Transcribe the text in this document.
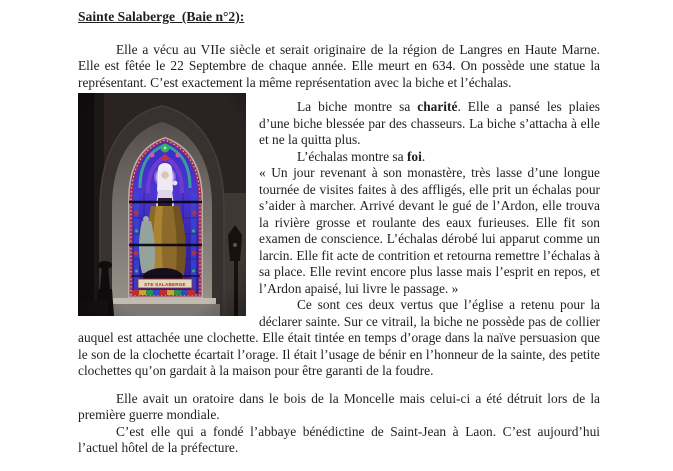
Sainte Salaberge  (Baie n°2):

Elle a vécu au VIIe siècle et serait originaire de la région de Langres en Haute Marne. Elle est fêtée le 22 Septembre de chaque année. Elle meurt en 634. On possède une statue la représentant. C’est exactement la même représentation avec la biche et l’échalas.

La biche montre sa charité. Elle a pansé les plaies d’une biche blessée par des chasseurs. La biche s’attacha à elle et ne la quitta plus.

L’échalas montre sa foi.

« Un jour revenant à son monastère, très lasse d’une longue tournée de visites faites à des affligés, elle prit un échalas pour s’aider à marcher. Arrivé devant le gué de l’Ardon, elle trouva la rivière grosse et roulante des eaux furieuses. Elle fit son examen de conscience. L’échalas dérobé lui apparut comme un larcin. Elle fit acte de contrition et retourna remettre l’échalas à sa place. Elle revint encore plus lasse mais l’esprit en repos, et l’Ardon apaisé, lui livre le passage. »

Ce sont ces deux vertus que l’église a retenu pour la déclarer sainte. Sur ce vitrail, la biche ne possède pas de collier auquel est attachée une clochette. Elle était tintée en temps d’orage dans la naïve persuasion que le son de la clochette écartait l’orage. Il était l’usage de bénir en l’honneur de la sainte, des petite clochettes qu’on gardait à la maison pour être garanti de la foudre.

Elle avait un oratoire dans le bois de la Moncelle mais celui-ci a été détruit lors de la première guerre mondiale.

C’est elle qui a fondé l’abbaye bénédictine de Saint-Jean à Laon. C’est aujourd’hui l’actuel hôtel de la préfecture.
